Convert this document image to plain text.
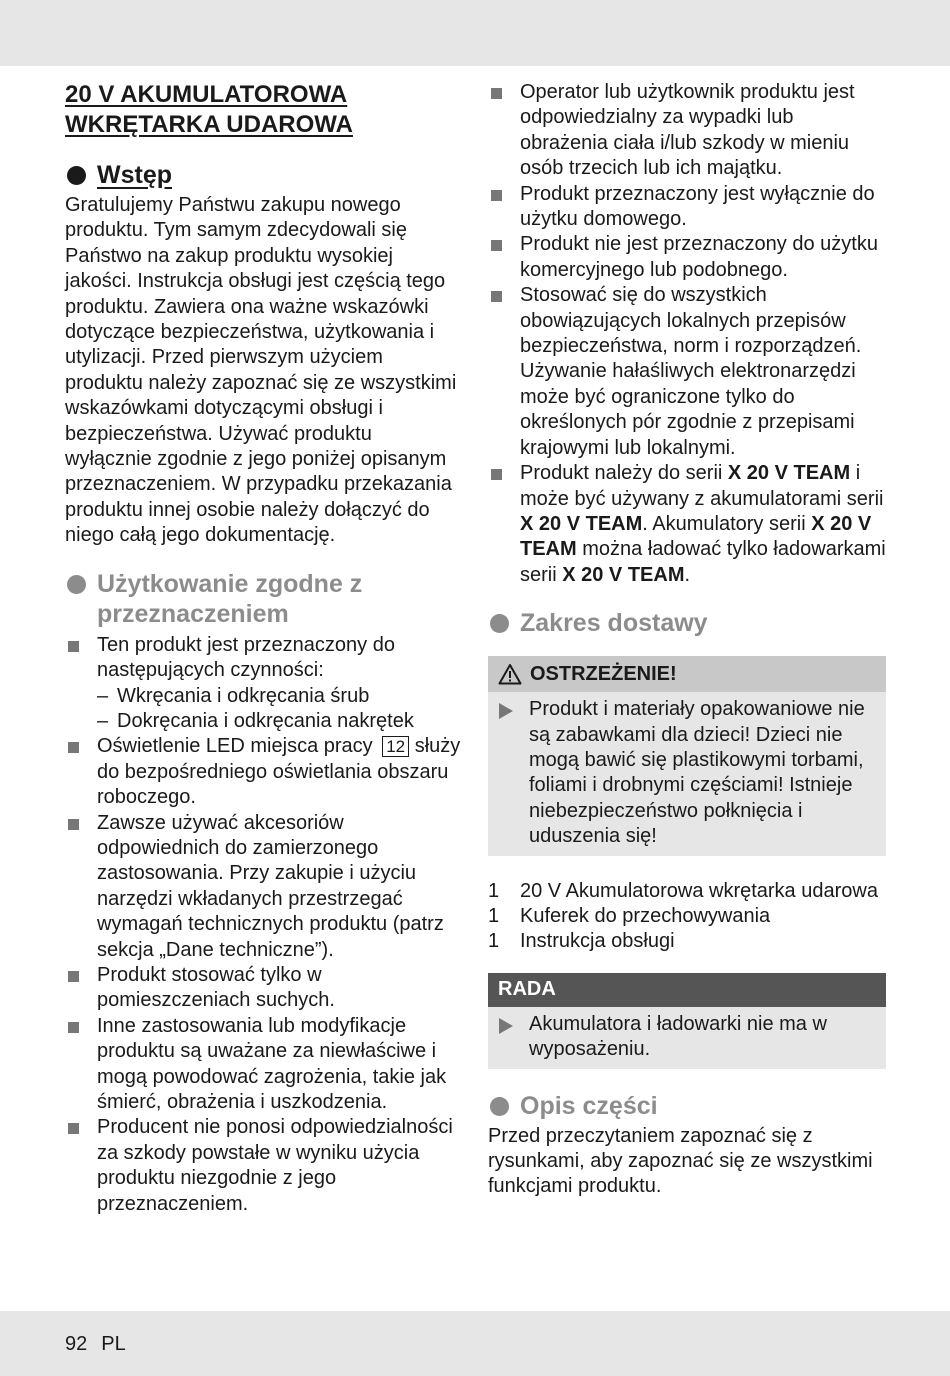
20 V AKUMULATOROWA
WKRĘTARKA UDAROWA
Wstęp

Gratulujemy Państwu zakupu nowego produktu. Tym samym zdecydowali się Państwo na zakup produktu wysokiej jakości. Instrukcja obsługi jest częścią tego produktu. Zawiera ona ważne wskazówki dotyczące bezpieczeństwa, użytkowania i utylizacji. Przed pierwszym użyciem produktu należy zapoznać się ze wszystkimi wskazówkami dotyczącymi obsługi i bezpieczeństwa. Używać produktu wyłącznie zgodnie z jego poniżej opisanym przeznaczeniem. W przypadku przekazania produktu innej osobie należy dołączyć do niego całą jego dokumentację.

Użytkowanie zgodne z przeznaczeniem
Ten produkt jest przeznaczony do następujących czynności:
– Wkręcania i odkręcania śrub
– Dokręcania i odkręcania nakrętek
Oświetlenie LED miejsca pracy 12 służy do bezpośredniego oświetlania obszaru roboczego.
Zawsze używać akcesoriów odpowiednich do zamierzonego zastosowania. Przy zakupie i użyciu narzędzi wkładanych przestrzegać wymagań technicznych produktu (patrz sekcja „Dane techniczne”).
Produkt stosować tylko w pomieszczeniach suchych.
Inne zastosowania lub modyfikacje produktu są uważane za niewłaściwe i mogą powodować zagrożenia, takie jak śmierć, obrażenia i uszkodzenia.
Producent nie ponosi odpowiedzialności za szkody powstałe w wyniku użycia produktu niezgodnie z jego przeznaczeniem.
Operator lub użytkownik produktu jest odpowiedzialny za wypadki lub obrażenia ciała i/lub szkody w mieniu osób trzecich lub ich majątku.
Produkt przeznaczony jest wyłącznie do użytku domowego.
Produkt nie jest przeznaczony do użytku komercyjnego lub podobnego.
Stosować się do wszystkich obowiązujących lokalnych przepisów bezpieczeństwa, norm i rozporządzeń. Używanie hałaśliwych elektronarzędzi może być ograniczone tylko do określonych pór zgodnie z przepisami krajowymi lub lokalnymi.
Produkt należy do serii X 20 V TEAM i może być używany z akumulatorami serii X 20 V TEAM. Akumulatory serii X 20 V TEAM można ładować tylko ładowarkami serii X 20 V TEAM.
Zakres dostawy
OSTRZEŻENIE!
Produkt i materiały opakowaniowe nie są zabawkami dla dzieci! Dzieci nie mogą bawić się plastikowymi torbami, foliami i drobnymi częściami! Istnieje niebezpieczeństwo połknięcia i uduszenia się!
1 20 V Akumulatorowa wkrętarka udarowa
1 Kuferek do przechowywania
1 Instrukcja obsługi
RADA
Akumulatora i ładowarki nie ma w wyposażeniu.
Opis części

Przed przeczytaniem zapoznać się z rysunkami, aby zapoznać się ze wszystkimi funkcjami produktu.

92 PL
